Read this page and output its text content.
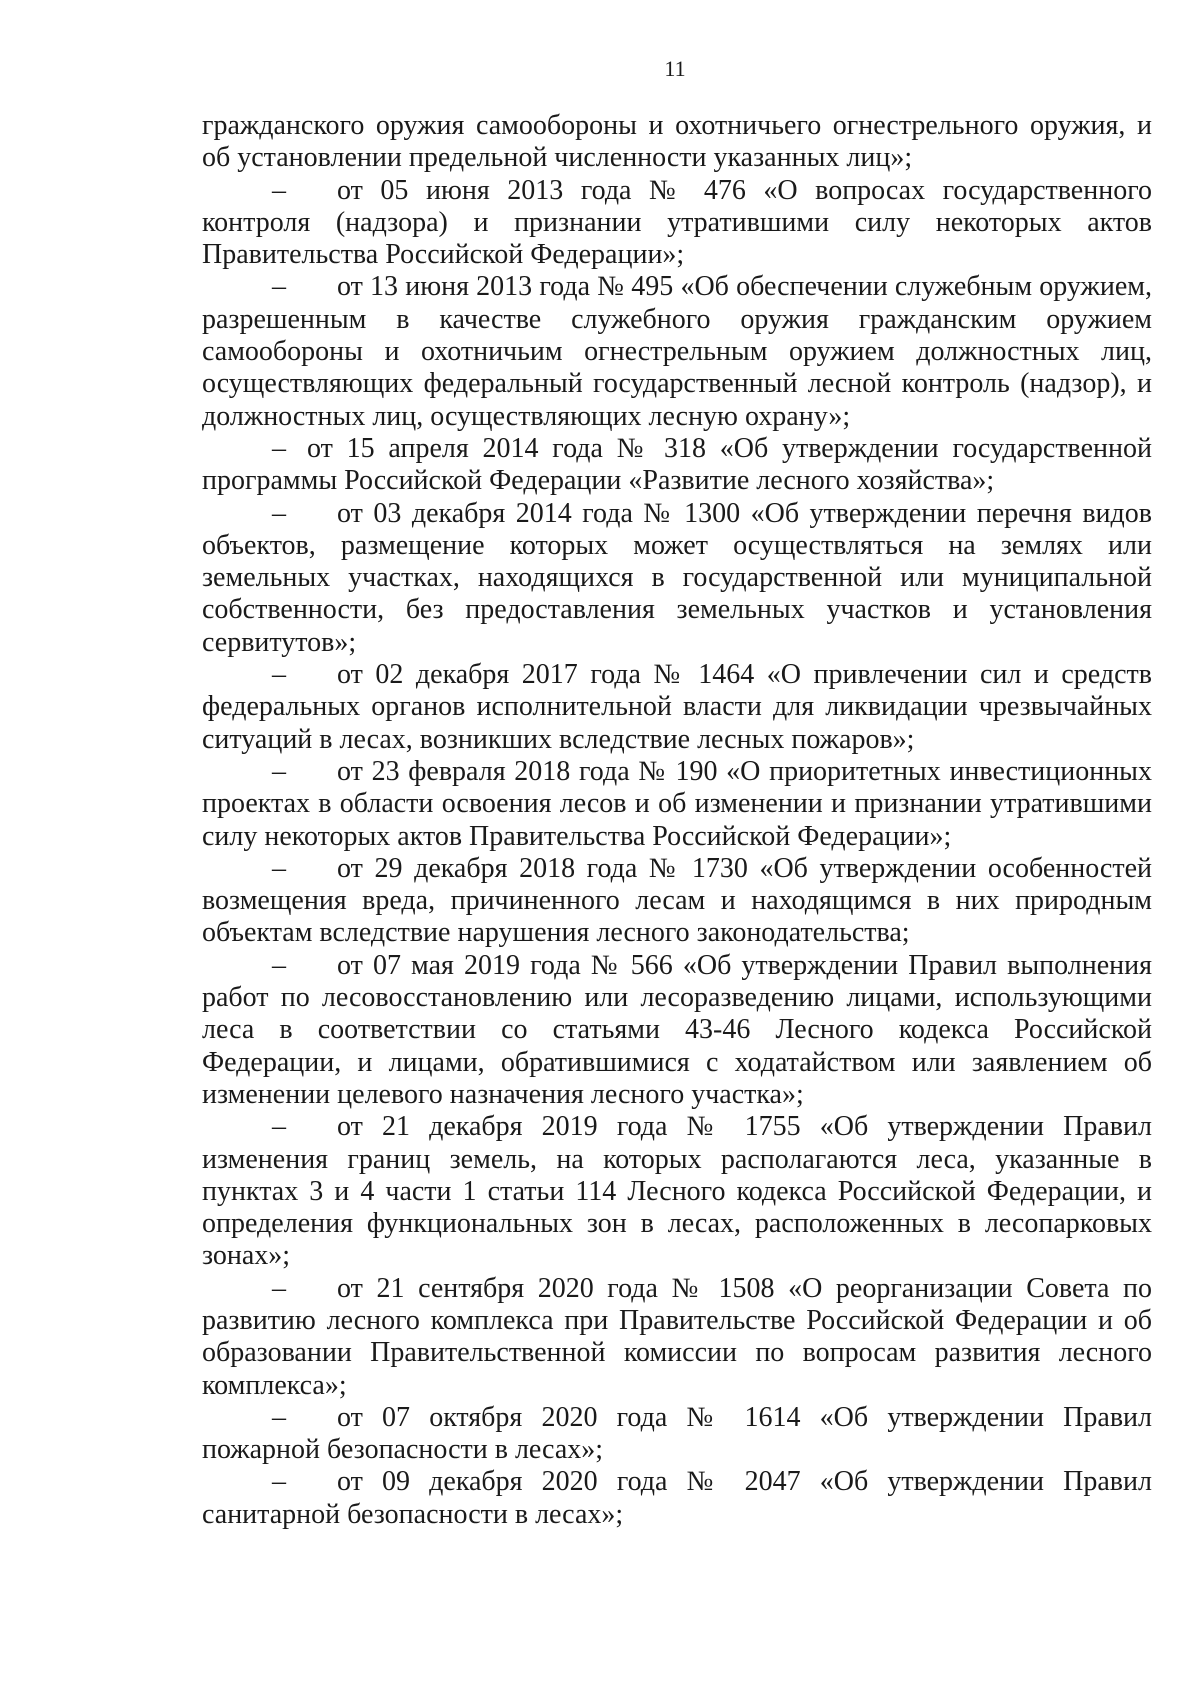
11

гражданского оружия самообороны и охотничьего огнестрельного оружия, и об установлении предельной численности указанных лиц»;

– от 05 июня 2013 года № 476 «О вопросах государственного контроля (надзора) и признании утратившими силу некоторых актов Правительства Российской Федерации»;

– от 13 июня 2013 года № 495 «Об обеспечении служебным оружием, разрешенным в качестве служебного оружия гражданским оружием самообороны и охотничьим огнестрельным оружием должностных лиц, осуществляющих федеральный государственный лесной контроль (надзор), и должностных лиц, осуществляющих лесную охрану»;

– от 15 апреля 2014 года № 318 «Об утверждении государственной программы Российской Федерации «Развитие лесного хозяйства»;

– от 03 декабря 2014 года № 1300 «Об утверждении перечня видов объектов, размещение которых может осуществляться на землях или земельных участках, находящихся в государственной или муниципальной собственности, без предоставления земельных участков и установления сервитутов»;

– от 02 декабря 2017 года № 1464 «О привлечении сил и средств федеральных органов исполнительной власти для ликвидации чрезвычайных ситуаций в лесах, возникших вследствие лесных пожаров»;

– от 23 февраля 2018 года № 190 «О приоритетных инвестиционных проектах в области освоения лесов и об изменении и признании утратившими силу некоторых актов Правительства Российской Федерации»;

– от 29 декабря 2018 года № 1730 «Об утверждении особенностей возмещения вреда, причиненного лесам и находящимся в них природным объектам вследствие нарушения лесного законодательства;

– от 07 мая 2019 года № 566 «Об утверждении Правил выполнения работ по лесовосстановлению или лесоразведению лицами, использующими леса в соответствии со статьями 43-46 Лесного кодекса Российской Федерации, и лицами, обратившимися с ходатайством или заявлением об изменении целевого назначения лесного участка»;

– от 21 декабря 2019 года № 1755 «Об утверждении Правил изменения границ земель, на которых располагаются леса, указанные в пунктах 3 и 4 части 1 статьи 114 Лесного кодекса Российской Федерации, и определения функциональных зон в лесах, расположенных в лесопарковых зонах»;

– от 21 сентября 2020 года № 1508 «О реорганизации Совета по развитию лесного комплекса при Правительстве Российской Федерации и об образовании Правительственной комиссии по вопросам развития лесного комплекса»;

– от 07 октября 2020 года № 1614 «Об утверждении Правил пожарной безопасности в лесах»;

– от 09 декабря 2020 года № 2047 «Об утверждении Правил санитарной безопасности в лесах»;
